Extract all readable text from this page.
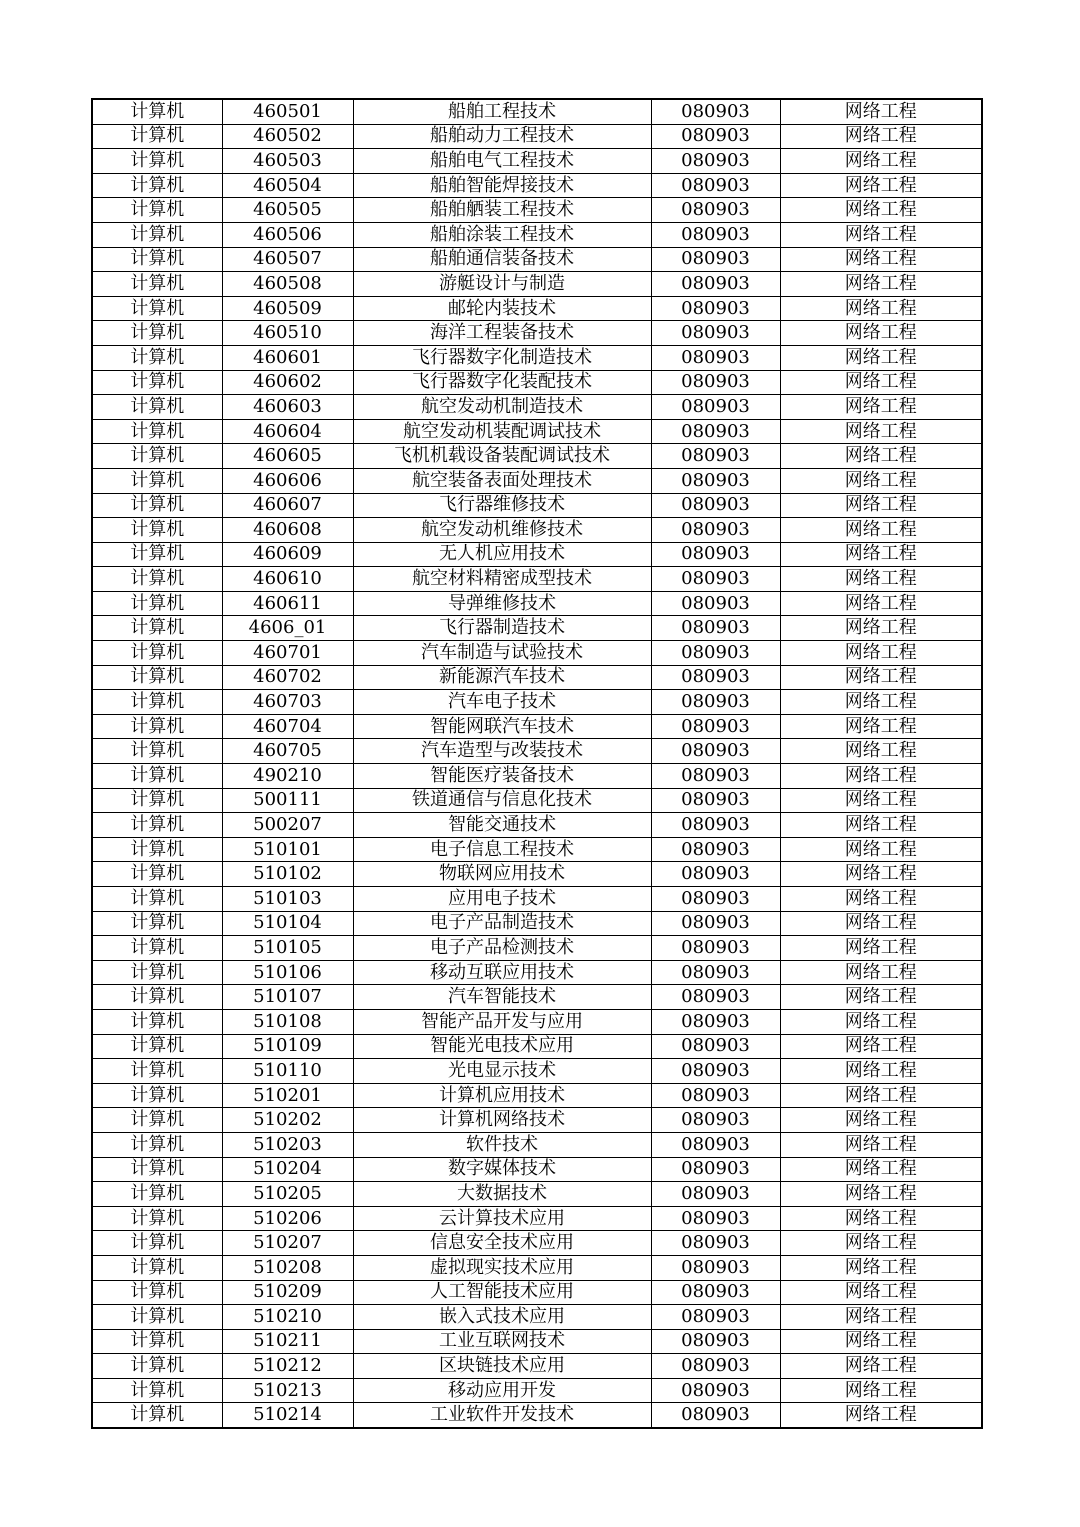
计算机	460501	船舶工程技术	080903	网络工程
计算机	460502	船舶动力工程技术	080903	网络工程
计算机	460503	船舶电气工程技术	080903	网络工程
计算机	460504	船舶智能焊接技术	080903	网络工程
计算机	460505	船舶舾装工程技术	080903	网络工程
计算机	460506	船舶涂装工程技术	080903	网络工程
计算机	460507	船舶通信装备技术	080903	网络工程
计算机	460508	游艇设计与制造	080903	网络工程
计算机	460509	邮轮内装技术	080903	网络工程
计算机	460510	海洋工程装备技术	080903	网络工程
计算机	460601	飞行器数字化制造技术	080903	网络工程
计算机	460602	飞行器数字化装配技术	080903	网络工程
计算机	460603	航空发动机制造技术	080903	网络工程
计算机	460604	航空发动机装配调试技术	080903	网络工程
计算机	460605	飞机机载设备装配调试技术	080903	网络工程
计算机	460606	航空装备表面处理技术	080903	网络工程
计算机	460607	飞行器维修技术	080903	网络工程
计算机	460608	航空发动机维修技术	080903	网络工程
计算机	460609	无人机应用技术	080903	网络工程
计算机	460610	航空材料精密成型技术	080903	网络工程
计算机	460611	导弹维修技术	080903	网络工程
计算机	4606_01	飞行器制造技术	080903	网络工程
计算机	460701	汽车制造与试验技术	080903	网络工程
计算机	460702	新能源汽车技术	080903	网络工程
计算机	460703	汽车电子技术	080903	网络工程
计算机	460704	智能网联汽车技术	080903	网络工程
计算机	460705	汽车造型与改装技术	080903	网络工程
计算机	490210	智能医疗装备技术	080903	网络工程
计算机	500111	铁道通信与信息化技术	080903	网络工程
计算机	500207	智能交通技术	080903	网络工程
计算机	510101	电子信息工程技术	080903	网络工程
计算机	510102	物联网应用技术	080903	网络工程
计算机	510103	应用电子技术	080903	网络工程
计算机	510104	电子产品制造技术	080903	网络工程
计算机	510105	电子产品检测技术	080903	网络工程
计算机	510106	移动互联应用技术	080903	网络工程
计算机	510107	汽车智能技术	080903	网络工程
计算机	510108	智能产品开发与应用	080903	网络工程
计算机	510109	智能光电技术应用	080903	网络工程
计算机	510110	光电显示技术	080903	网络工程
计算机	510201	计算机应用技术	080903	网络工程
计算机	510202	计算机网络技术	080903	网络工程
计算机	510203	软件技术	080903	网络工程
计算机	510204	数字媒体技术	080903	网络工程
计算机	510205	大数据技术	080903	网络工程
计算机	510206	云计算技术应用	080903	网络工程
计算机	510207	信息安全技术应用	080903	网络工程
计算机	510208	虚拟现实技术应用	080903	网络工程
计算机	510209	人工智能技术应用	080903	网络工程
计算机	510210	嵌入式技术应用	080903	网络工程
计算机	510211	工业互联网技术	080903	网络工程
计算机	510212	区块链技术应用	080903	网络工程
计算机	510213	移动应用开发	080903	网络工程
计算机	510214	工业软件开发技术	080903	网络工程
